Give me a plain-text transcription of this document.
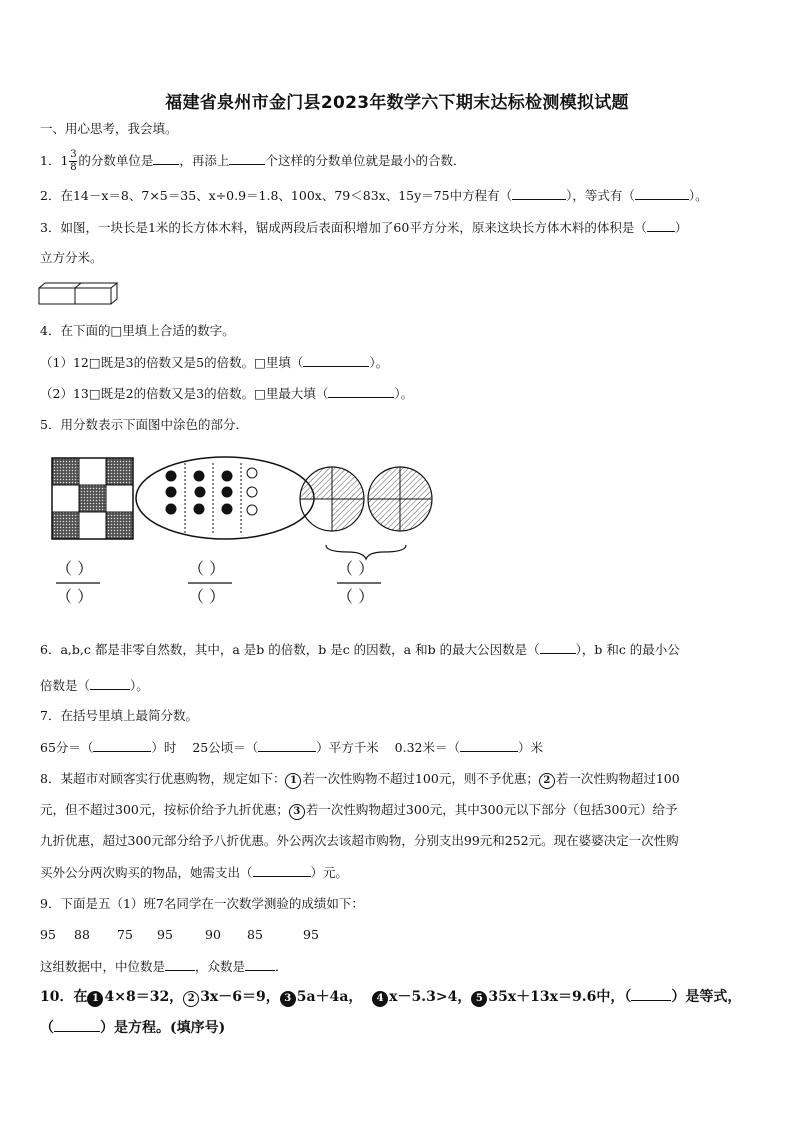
福建省泉州市金门县2023年数学六下期末达标检测模拟试题
一、用心思考，我会填。
1．$1 \frac{3}{8}$ 的分数单位是 ，再添上	个这样的分数单位就是最小的合数．
2．在14－x＝8、7×5＝35、x÷0.9＝1.8、100x、79＜83x、15y＝75中方程有（	），等式有（	）。
3．如图，一块长是1米的长方体木料，锯成两段后表面积增加了60平方分米，原来这块长方体木料的体积是（ ）
立方分米。
4．在下面的□里填上合适的数字。
（1）12□既是3的倍数又是5的倍数。□里填（	）。
（2）13□既是2的倍数又是3的倍数。□里最大填（	）。
5．用分数表示下面图中涂色的部分．
（ ）
（ ）
（ ）
（ ）
（ ）
（ ）
6．a,b,c 都是非零自然数，其中，a 是b 的倍数，b 是c 的因数，a 和b 的最大公因数是（	），b 和c 的最小公
倍数是（	）。
7．在括号里填上最简分数。
65分＝（	）时 25公顷＝（	）平方千米 0.32米＝（	）米
8．某超市对顾客实行优惠购物，规定如下： 1 若一次性购物不超过100元，则不予优惠； 2 若一次性购物超过100
元，但不超过300元，按标价给予九折优惠； 3 若一次性购物超过300元，其中300元以下部分（包括300元）给予
九折优惠，超过300元部分给予八折优惠。外公两次去该超市购物，分别支出99元和252元。现在婆婆决定一次性购
买外公分两次购买的物品，她需支出（	）元。
9．下面是五（1）班7名同学在一次数学测验的成绩如下：
95 88 75 95	90 85	95
这组数据中，中位数是 ，众数是 ．
10．在 1 4×8＝32， 2 3x－6＝9， 3 5a＋4a， 4 x－5.3>4， 5 35x＋13x＝9.6中，（	）是等式，
（	）是方程。(填序号)
